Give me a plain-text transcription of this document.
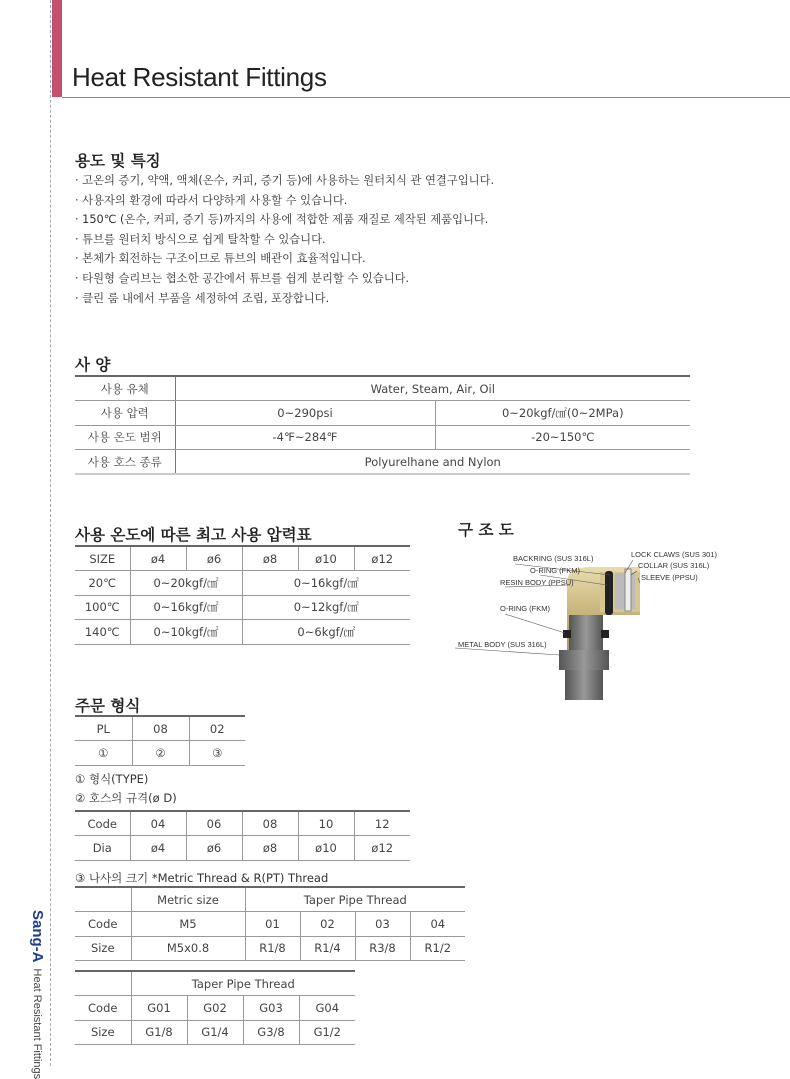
Heat Resistant Fittings
Sang-AHeat Resistant Fittings
용도 및 특징
· 고온의 증기, 약액, 액체(온수, 커피, 증기 등)에 사용하는 원터치식 관 연결구입니다.
· 사용자의 환경에 따라서 다양하게 사용할 수 있습니다.
· 150℃ (온수, 커피, 증기 등)까지의 사용에 적합한 제품 재질로 제작된 제품입니다.
· 튜브를 원터치 방식으로 쉽게 탈착할 수 있습니다.
· 본체가 회전하는 구조이므로 튜브의 배관이 효율적입니다.
· 타원형 슬리브는 협소한 공간에서 튜브를 쉽게 분리할 수 있습니다.
· 클린 룸 내에서 부품을 세정하여 조립, 포장합니다.
사 양
사용 유체	Water, Steam, Air, Oil	
사용 압력	0~290psi	0~20kgf/㎠(0~2MPa)
사용 온도 범위	-4℉~284℉	-20~150℃
사용 호스 종류	Polyurelhane and Nylon	
사용 온도에 따른 최고 사용 압력표
SIZE	ø4	ø6	ø8	ø10	ø12
20℃	0~20kgf/㎠		0~16kgf/㎠		
100℃	0~16kgf/㎠		0~12kgf/㎠		
140℃	0~10kgf/㎠		0~6kgf/㎠		
구 조 도
BACKRING (SUS 316L)
O-RING (FKM)
RESIN BODY (PPSU)
O-RING (FKM)
METAL BODY (SUS 316L)
LOCK CLAWS (SUS 301)
COLLAR (SUS 316L)
SLEEVE (PPSU)
주문 형식
PL	08	02
①	②	③
① 형식(TYPE)
② 호스의 규격(ø D)
Code	04	06	08	10	12
Dia	ø4	ø6	ø8	ø10	ø12
③ 나사의 크기 *Metric Thread & R(PT) Thread
	Metric size	Taper Pipe Thread			
Code	M5	01	02	03	04
Size	M5x0.8	R1/8	R1/4	R3/8	R1/2
	Taper Pipe Thread			
Code	G01	G02	G03	G04
Size	G1/8	G1/4	G3/8	G1/2
